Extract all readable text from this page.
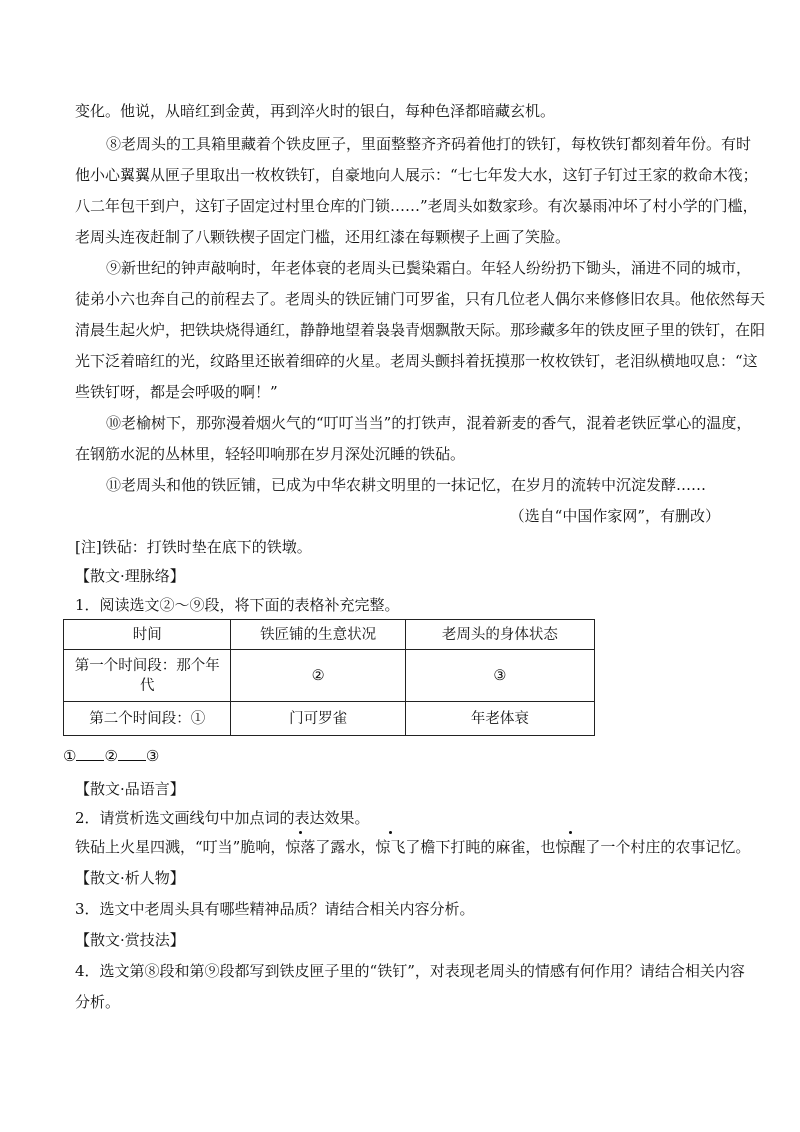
变化。他说，从暗红到金黄，再到淬火时的银白，每种色泽都暗藏玄机。
⑧老周头的工具箱里藏着个铁皮匣子，里面整整齐齐码着他打的铁钉，每枚铁钉都刻着年份。有时
他小心翼翼从匣子里取出一枚枚铁钉，自豪地向人展示：“七七年发大水，这钉子钉过王家的救命木筏；
八二年包干到户，这钉子固定过村里仓库的门锁……”老周头如数家珍。有次暴雨冲坏了村小学的门槛，
老周头连夜赶制了八颗铁楔子固定门槛，还用红漆在每颗楔子上画了笑脸。
⑨新世纪的钟声敲响时，年老体衰的老周头已鬓染霜白。年轻人纷纷扔下锄头，涌进不同的城市，
徒弟小六也奔自己的前程去了。老周头的铁匠铺门可罗雀，只有几位老人偶尔来修修旧农具。他依然每天
清晨生起火炉，把铁块烧得通红，静静地望着袅袅青烟飘散天际。那珍藏多年的铁皮匣子里的铁钉，在阳
光下泛着暗红的光，纹路里还嵌着细碎的火星。老周头颤抖着抚摸那一枚枚铁钉，老泪纵横地叹息：“这
些铁钉呀，都是会呼吸的啊！”
⑩老榆树下，那弥漫着烟火气的“叮叮当当”的打铁声，混着新麦的香气，混着老铁匠掌心的温度，
在钢筋水泥的丛林里，轻轻叩响那在岁月深处沉睡的铁砧。
⑪老周头和他的铁匠铺，已成为中华农耕文明里的一抹记忆，在岁月的流转中沉淀发酵……
（选自“中国作家网”，有删改）
[注]铁砧：打铁时垫在底下的铁墩。
【散文·理脉络】
1．阅读选文②～⑨段，将下面的表格补充完整。
时间	铁匠铺的生意状况	老周头的身体状态
第一个时间段：那个年代	②	③
第二个时间段：①	门可罗雀	年老体衰
① ② ③
【散文·品语言】
2．请赏析选文画线句中加点词的表达效果。
铁砧上火星四溅，“叮当”脆响，惊落了露水，惊飞了檐下打盹的麻雀，也惊醒了一个村庄的农事记忆。
【散文·析人物】
3．选文中老周头具有哪些精神品质？请结合相关内容分析。
【散文·赏技法】
4．选文第⑧段和第⑨段都写到铁皮匣子里的“铁钉”，对表现老周头的情感有何作用？请结合相关内容
分析。
